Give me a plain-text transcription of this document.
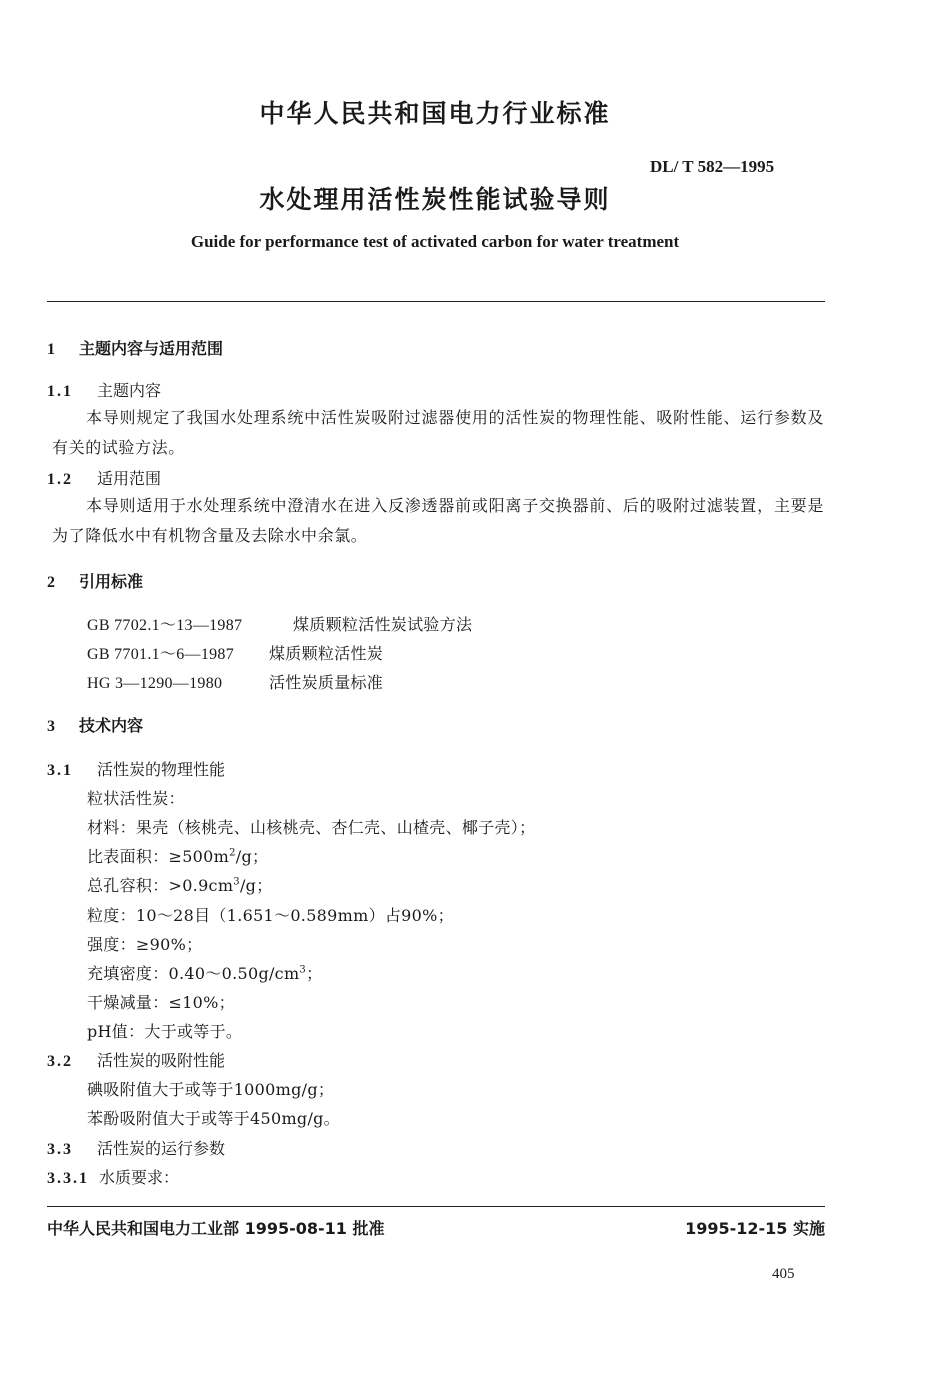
中华人民共和国电力行业标准
DL/ T 582—1995
水处理用活性炭性能试验导则
Guide for performance test of activated carbon for water treatment
1 主题内容与适用范围
1.1 主题内容
本导则规定了我国水处理系统中活性炭吸附过滤器使用的活性炭的物理性能、吸附性能、运行参数及有关的试验方法。
1.2 适用范围
本导则适用于水处理系统中澄清水在进入反渗透器前或阳离子交换器前、后的吸附过滤装置，主要是为了降低水中有机物含量及去除水中余氯。
2 引用标准
GB 7702.1～13—1987	煤质颗粒活性炭试验方法
GB 7701.1～6—1987 煤质颗粒活性炭
HG 3—1290—1980	活性炭质量标准
3 技术内容
3.1 活性炭的物理性能
粒状活性炭：
材料：果壳（核桃壳、山核桃壳、杏仁壳、山楂壳、椰子壳）；
比表面积：$\ge 500m^2/g$；
总孔容积：$>0.9cm^3/g$；
粒度：10～28目（1.651～0.589mm）占90%；
强度：≥90%；
充填密度：$0.40\sim 0.50g/cm^3$；
干燥减量：≤10%；
pH值：大于或等于。
3.2 活性炭的吸附性能
碘吸附值大于或等于1000mg/g；
苯酚吸附值大于或等于450mg/g。
3.3 活性炭的运行参数
3.3.1 水质要求：
中华人民共和国电力工业部 1995-08-11 批准	1995-12-15 实施
405
